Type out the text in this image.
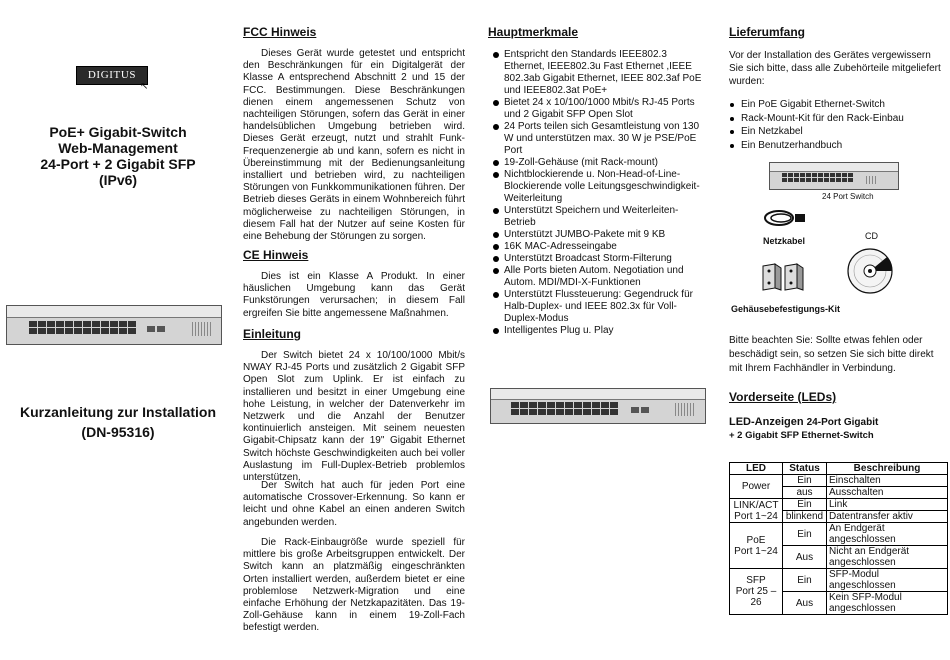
DIGITUS
↖
PoE+ Gigabit-Switch
Web-Management
24-Port + 2 Gigabit SFP
(IPv6)
Kurzanleitung zur Installation
(DN-95316)
FCC Hinweis
Dieses Gerät wurde getestet und entspricht den Beschränkungen für ein Digitalgerät der Klasse A entsprechend Abschnitt 2 und 15 der FCC. Bestimmungen. Diese Beschränkungen dienen einem angemessenen Schutz von nachteiligen Störungen, sofern das Gerät in einer handelsüblichen Umgebung betrieben wird. Dieses Gerät erzeugt, nutzt und strahlt Funk-Frequenzenergie ab und kann, sofern es nicht in Übereinstimmung mit der Bedienungsanleitung installiert und betrieben wird, zu nachteiligen Störungen von Funkkommunikationen führen. Der Betrieb dieses Geräts in einem Wohnbereich führt möglicherweise zu nachteiligen Störungen, in diesem Fall hat der Nutzer auf seine Kosten für eine Behebung der Störungen zu sorgen.
CE Hinweis
Dies ist ein Klasse A Produkt. In einer häuslichen Umgebung kann das Gerät Funkstörungen verursachen; in diesem Fall ergreifen Sie bitte angemessene Maßnahmen.
Einleitung
Der Switch bietet 24 x 10/100/1000 Mbit/s NWAY RJ-45 Ports und zusätzlich 2 Gigabit SFP Open Slot zum Uplink. Er ist einfach zu installieren und besitzt in einer Umgebung eine hohe Leistung, in welcher der Datenverkehr im Netzwerk und die Anzahl der Benutzer kontinuierlich ansteigen. Mit seinem neuesten Gigabit-Chipsatz kann der 19" Gigabit Ethernet Switch höchste Geschwindigkeiten auch bei voller Auslastung im Full-Duplex-Betrieb problemlos unterstützen.
Der Switch hat auch für jeden Port eine automatische Crossover-Erkennung. So kann er leicht und ohne Kabel an einen anderen Switch angebunden werden.
Die Rack-Einbaugröße wurde speziell für mittlere bis große Arbeitsgruppen entwickelt. Der Switch kann an platzmäßig eingeschränkten Orten installiert werden, außerdem bietet er eine problemlose Netzwerk-Migration und eine einfache Erhöhung der Netzkapazitäten. Das 19-Zoll-Gehäuse kann in einem 19-Zoll-Fach befestigt werden.
Hauptmerkmale
Entspricht den Standards IEEE802.3 Ethernet, IEEE802.3u Fast Ethernet ,IEEE 802.3ab Gigabit Ethernet, IEEE 802.3af PoE und IEEE802.3at PoE+
Bietet 24 x 10/100/1000 Mbit/s RJ-45 Ports und 2 Gigabit SFP Open Slot
24 Ports teilen sich Gesamtleistung von 130 W und unterstützen max. 30 W je PSE/PoE Port
19-Zoll-Gehäuse (mit Rack-mount)
Nichtblockierende u. Non-Head-of-Line-Blockierende volle Leitungsgeschwindigkeit-Weiterleitung
Unterstützt Speichern und Weiterleiten-Betrieb
Unterstützt JUMBO-Pakete mit 9 KB
16K MAC-Adresseingabe
Unterstützt Broadcast Storm-Filterung
Alle Ports bieten Autom. Negotiation und Autom. MDI/MDI-X-Funktionen
Unterstützt Flussteuerung: Gegendruck für Halb-Duplex- und IEEE 802.3x für Voll-Duplex-Modus
Intelligentes Plug u. Play
Lieferumfang
Vor der Installation des Gerätes vergewissern Sie sich bitte, dass alle Zubehörteile mitgeliefert wurden:
Ein PoE Gigabit Ethernet-Switch
Rack-Mount-Kit für den Rack-Einbau
Ein Netzkabel
Ein Benutzerhandbuch
24 Port Switch
Netzkabel	CD
Gehäusebefestigungs-Kit
Bitte beachten Sie: Sollte etwas fehlen oder beschädigt sein, so setzen Sie sich bitte direkt mit Ihrem Fachhändler in Verbindung.
Vorderseite (LEDs)
LED-Anzeigen 24-Port Gigabit
+ 2 Gigabit SFP Ethernet-Switch
LED	Status	Beschreibung
Power	Ein	Einschalten
	aus	Ausschalten

LINK/ACT
Port 1~24	Ein	Link
	blinkend	Datentransfer aktiv

PoE
Port 1~24	Ein	An Endgerät angeschlossen
	Aus	Nicht an Endgerät angeschlossen

SFP
Port 25 –
26	Ein	SFP-Modul angeschlossen
	Aus	Kein SFP-Modul angeschlossen
